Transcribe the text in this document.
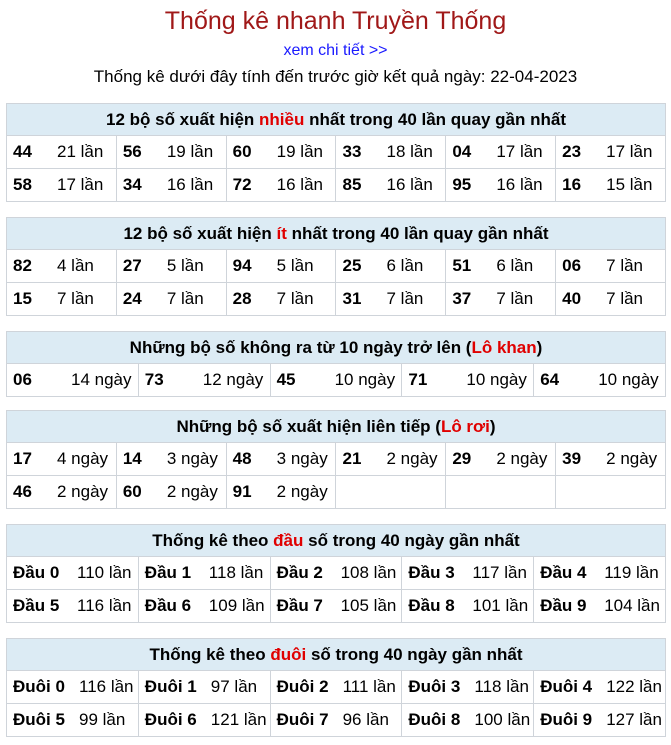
Thống kê nhanh Truyền Thống
xem chi tiết >>
Thống kê dưới đây tính đến trước giờ kết quả ngày: 22-04-2023
12 bộ số xuất hiện nhiều nhất trong 40 lần quay gần nhất					
44 21 lần	56 19 lần	60 19 lần	33 18 lần	04 17 lần	23 17 lần
58 17 lần	34 16 lần	72 16 lần	85 16 lần	95 16 lần	16 15 lần
12 bộ số xuất hiện ít nhất trong 40 lần quay gần nhất					
82 4 lần	27 5 lần	94 5 lần	25 6 lần	51 6 lần	06 7 lần
15 7 lần	24 7 lần	28 7 lần	31 7 lần	37 7 lần	40 7 lần
Những bộ số không ra từ 10 ngày trở lên (Lô khan)
06 14 ngày	73 12 ngày	45 10 ngày	71 10 ngày	64 10 ngày
Những bộ số xuất hiện liên tiếp (Lô rơi)					
17 4 ngày	14 3 ngày	48 3 ngày	21 2 ngày	29 2 ngày	39 2 ngày
46 2 ngày	60 2 ngày	91 2 ngày			
Thống kê theo đầu số trong 40 ngày gần nhất				
Đầu 0 110 lần	Đầu 1 118 lần	Đầu 2 108 lần	Đầu 3 117 lần	Đầu 4 119 lần
Đầu 5 116 lần	Đầu 6 109 lần	Đầu 7 105 lần	Đầu 8 101 lần	Đầu 9 104 lần
Thống kê theo đuôi số trong 40 ngày gần nhất				
Đuôi 0 116 lần	Đuôi 1 97 lần	Đuôi 2 111 lần	Đuôi 3 118 lần	Đuôi 4 122 lần
Đuôi 5 99 lần	Đuôi 6 121 lần	Đuôi 7 96 lần	Đuôi 8 100 lần	Đuôi 9 127 lần
